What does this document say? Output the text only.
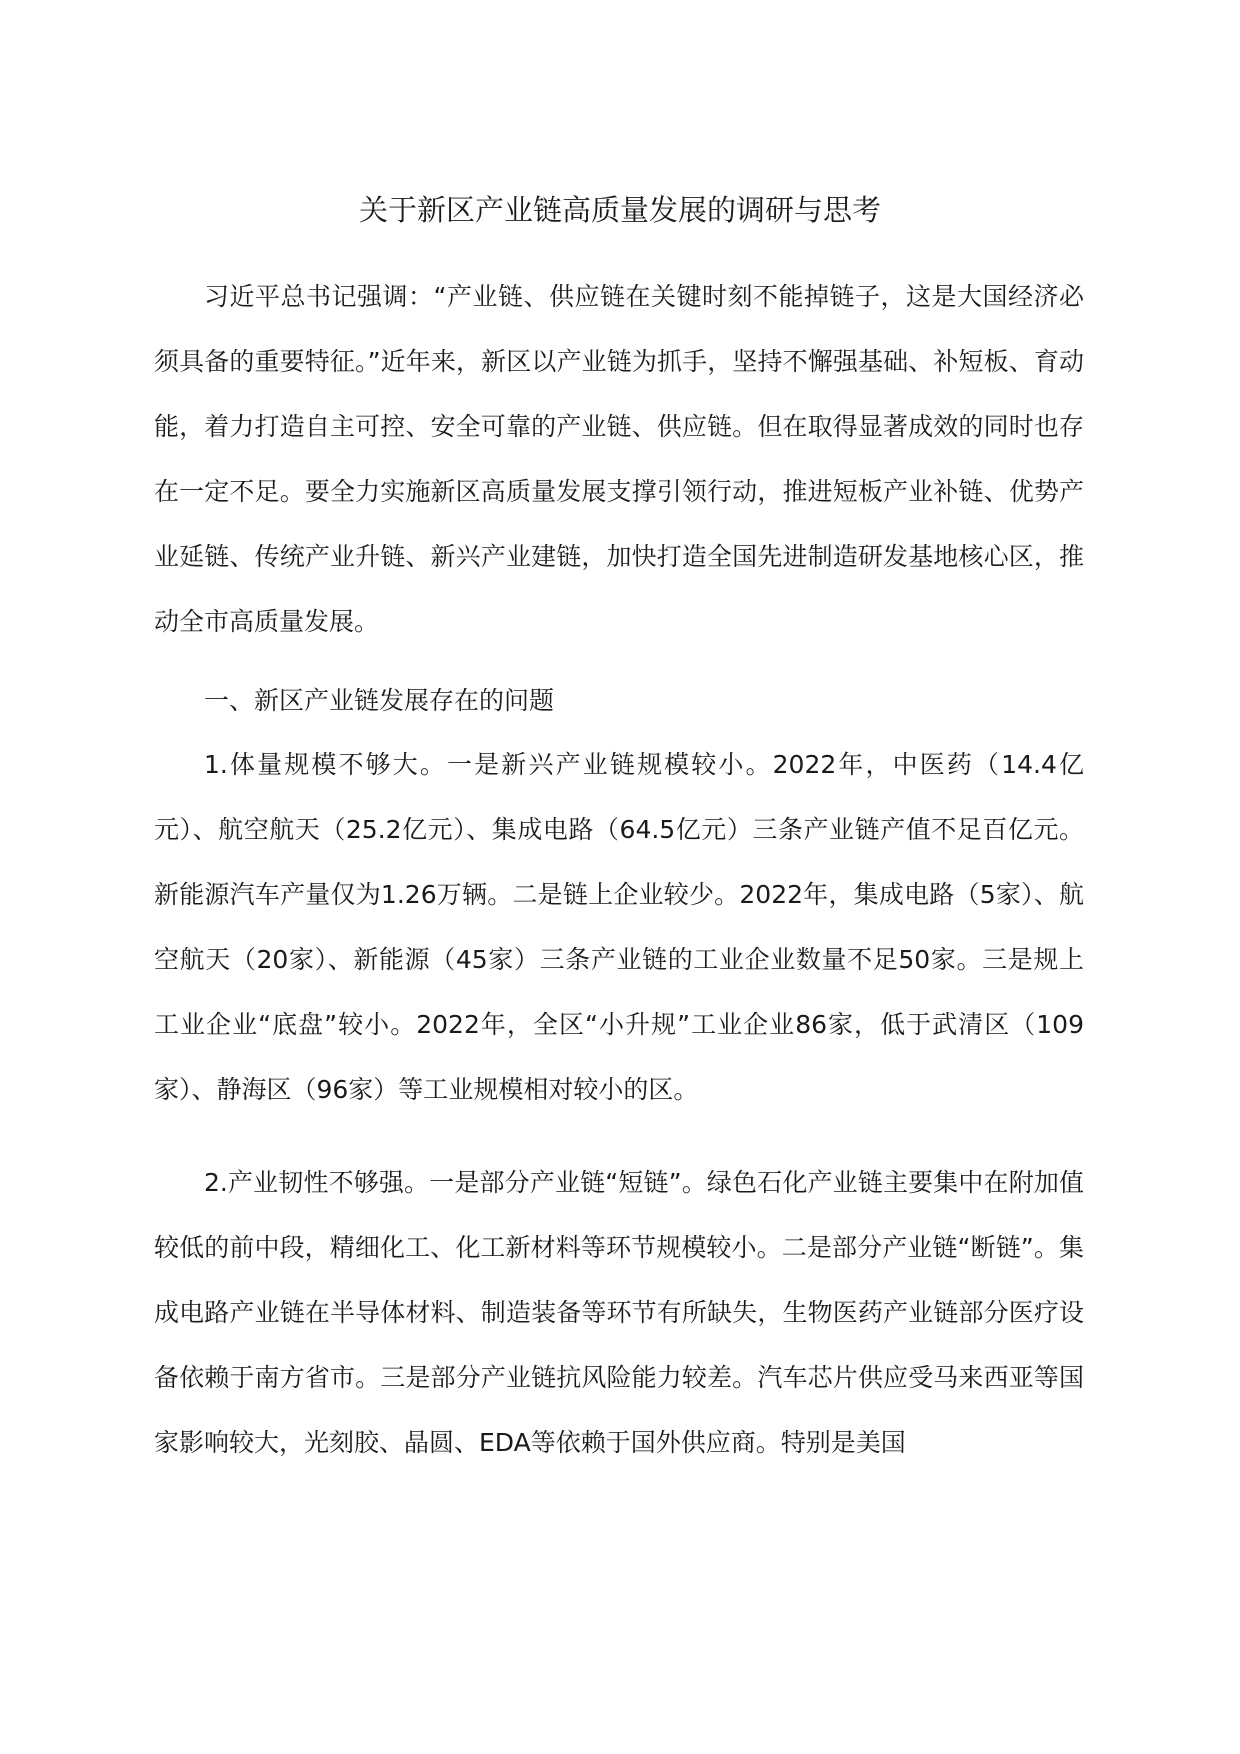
关于新区产业链高质量发展的调研与思考

习近平总书记强调：“产业链、供应链在关键时刻不能掉链子，这是大国经济必须具备的重要特征。”近年来，新区以产业链为抓手，坚持不懈强基础、补短板、育动能，着力打造自主可控、安全可靠的产业链、供应链。但在取得显著成效的同时也存在一定不足。要全力实施新区高质量发展支撑引领行动，推进短板产业补链、优势产业延链、传统产业升链、新兴产业建链，加快打造全国先进制造研发基地核心区，推动全市高质量发展。

一、新区产业链发展存在的问题

1.体量规模不够大。一是新兴产业链规模较小。2022年，中医药（14.4亿元）、航空航天（25.2亿元）、集成电路（64.5亿元）三条产业链产值不足百亿元。新能源汽车产量仅为1.26万辆。二是链上企业较少。2022年，集成电路（5家）、航空航天（20家）、新能源（45家）三条产业链的工业企业数量不足50家。三是规上工业企业“底盘”较小。2022年，全区“小升规”工业企业86家，低于武清区（109家）、静海区（96家）等工业规模相对较小的区。

2.产业韧性不够强。一是部分产业链“短链”。绿色石化产业链主要集中在附加值较低的前中段，精细化工、化工新材料等环节规模较小。二是部分产业链“断链”。集成电路产业链在半导体材料、制造装备等环节有所缺失，生物医药产业链部分医疗设备依赖于南方省市。三是部分产业链抗风险能力较差。汽车芯片供应受马来西亚等国家影响较大，光刻胶、晶圆、EDA等依赖于国外供应商。特别是美国
